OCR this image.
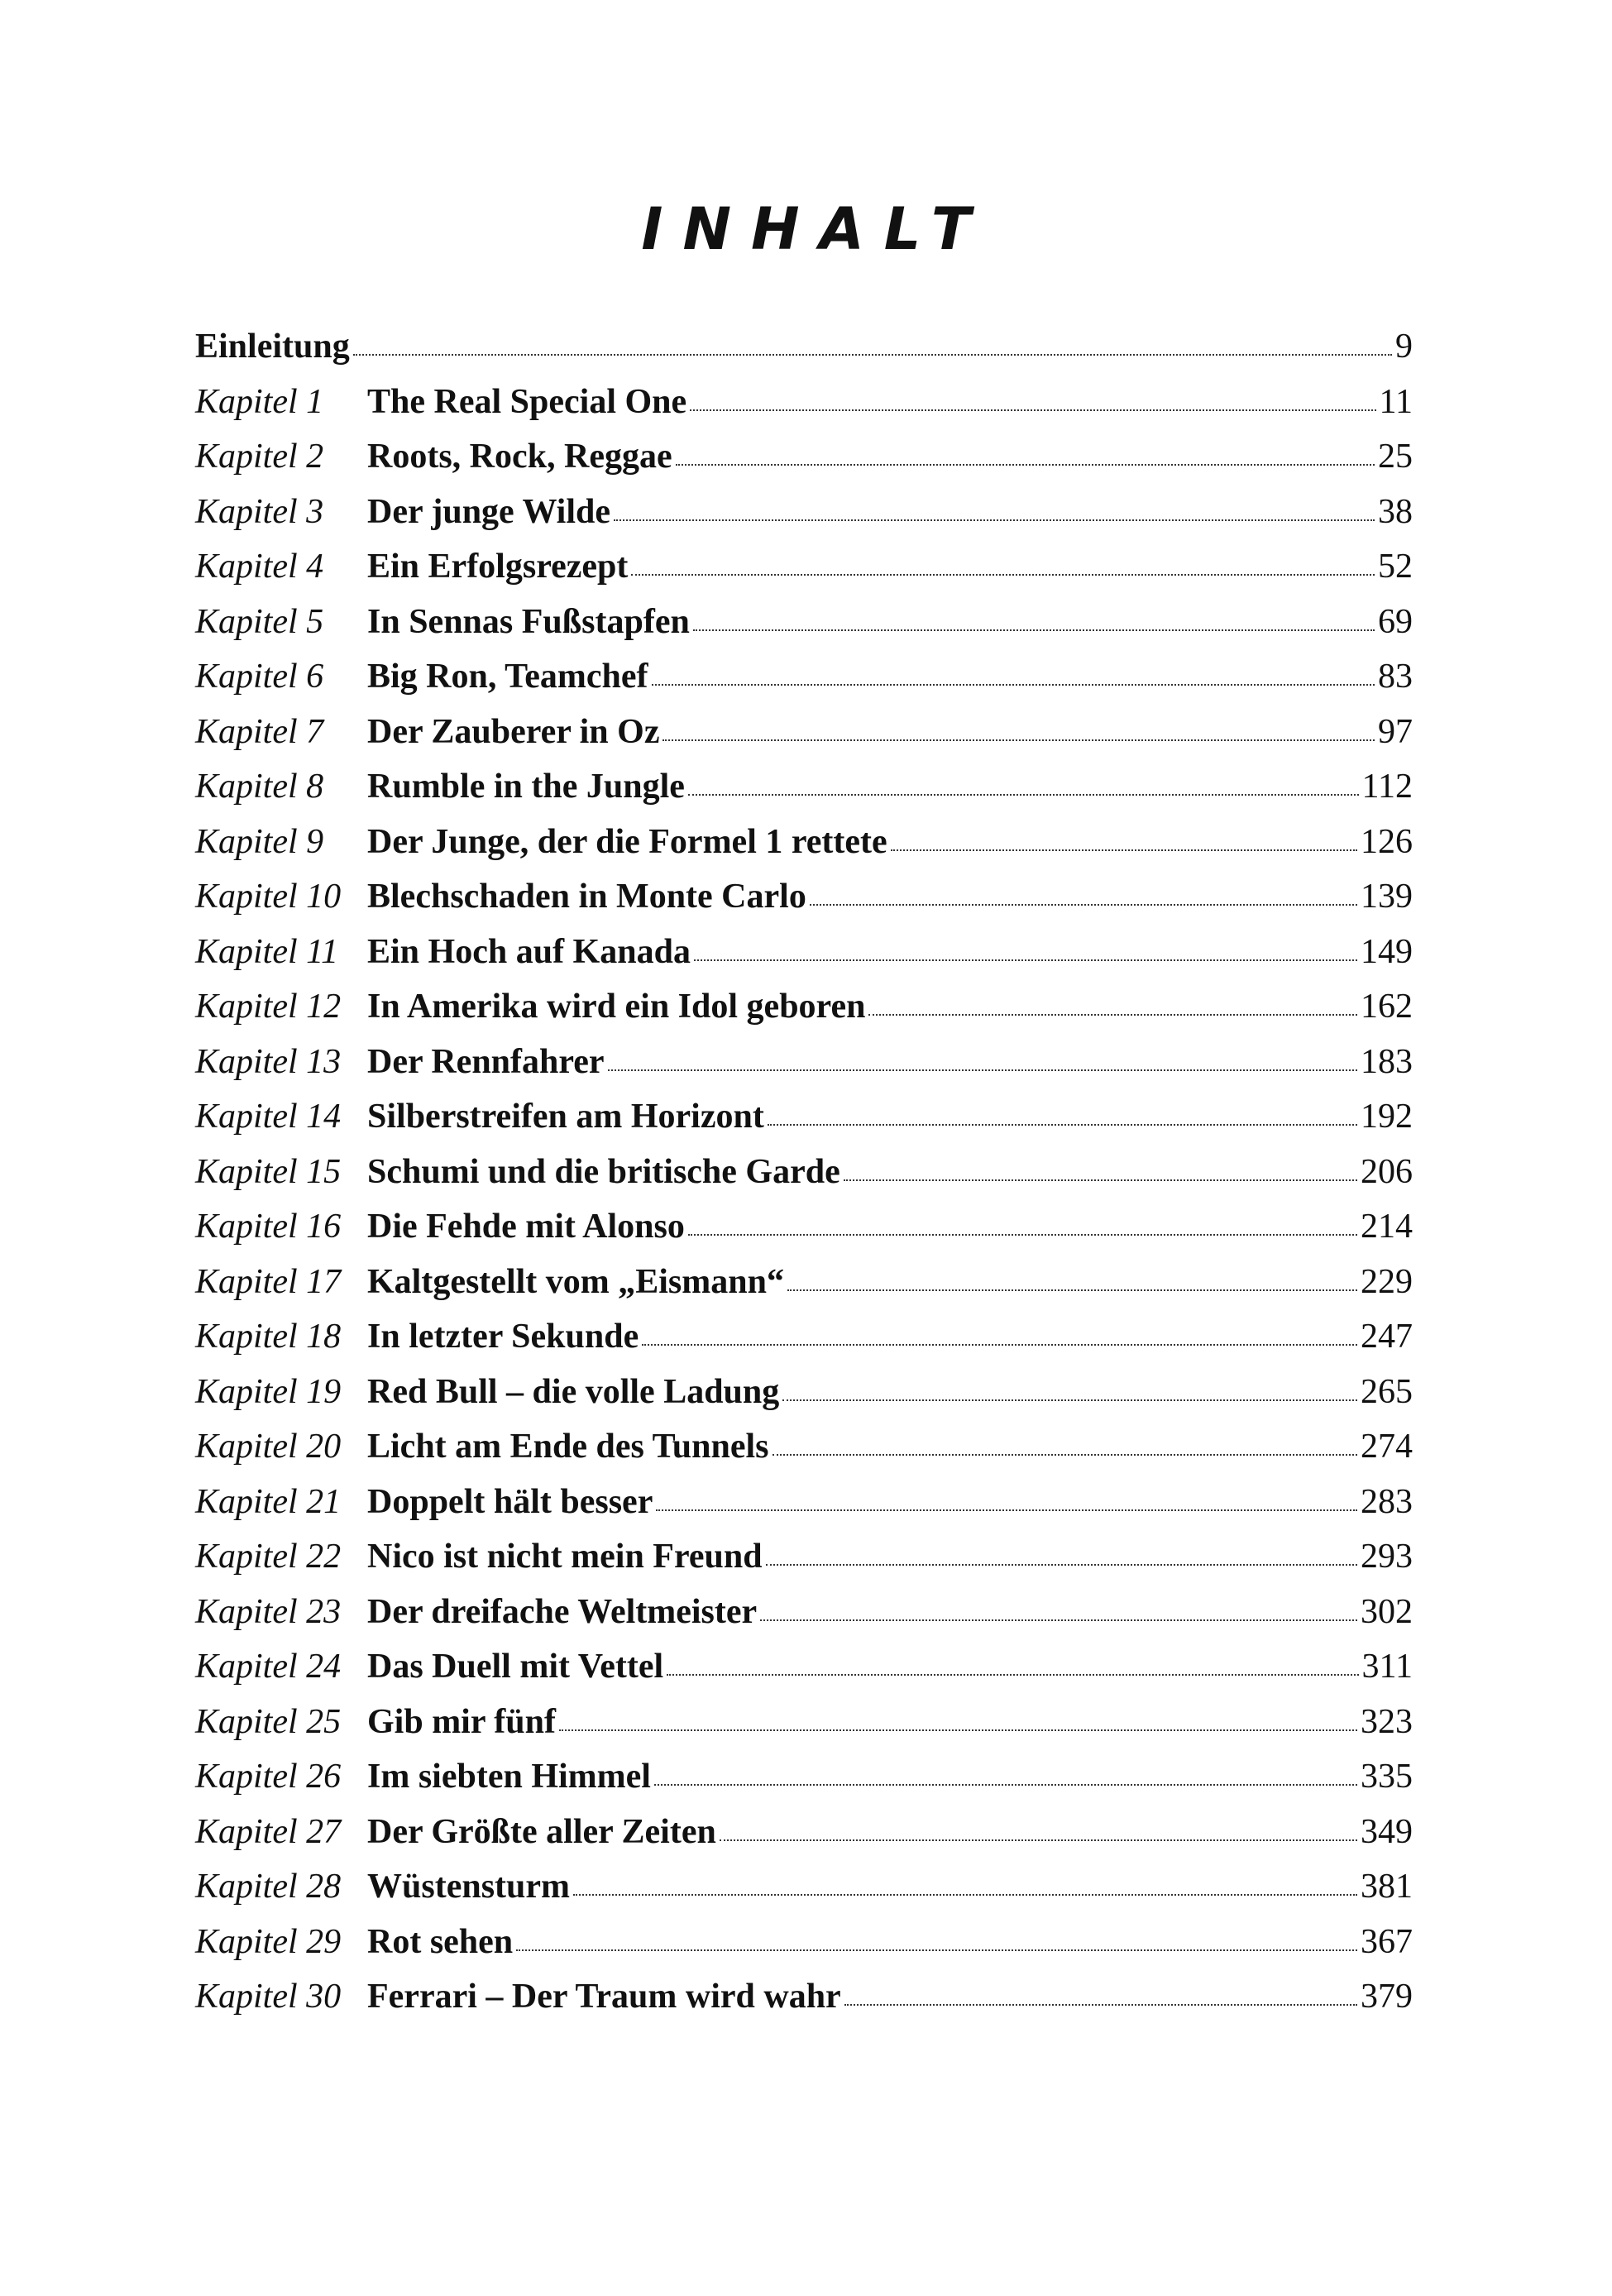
INHALT
Einleitung	9
Kapitel 1	The Real Special One	11
Kapitel 2	Roots, Rock, Reggae	25
Kapitel 3	Der junge Wilde	38
Kapitel 4	Ein Erfolgsrezept	52
Kapitel 5	In Sennas Fußstapfen	69
Kapitel 6	Big Ron, Teamchef	83
Kapitel 7	Der Zauberer in Oz	97
Kapitel 8	Rumble in the Jungle	112
Kapitel 9	Der Junge, der die Formel 1 rettete	126
Kapitel 10 Blechschaden in Monte Carlo	139
Kapitel 11 Ein Hoch auf Kanada	149
Kapitel 12 In Amerika wird ein Idol geboren	162
Kapitel 13 Der Rennfahrer	183
Kapitel 14 Silberstreifen am Horizont	192
Kapitel 15 Schumi und die britische Garde	206
Kapitel 16 Die Fehde mit Alonso	214
Kapitel 17 Kaltgestellt vom „Eismann“	229
Kapitel 18 In letzter Sekunde	247
Kapitel 19 Red Bull – die volle Ladung	265
Kapitel 20 Licht am Ende des Tunnels	274
Kapitel 21 Doppelt hält besser	283
Kapitel 22 Nico ist nicht mein Freund	293
Kapitel 23 Der dreifache Weltmeister	302
Kapitel 24 Das Duell mit Vettel	311
Kapitel 25 Gib mir fünf	323
Kapitel 26 Im siebten Himmel	335
Kapitel 27 Der Größte aller Zeiten	349
Kapitel 28 Wüstensturm	381
Kapitel 29 Rot sehen	367
Kapitel 30 Ferrari – Der Traum wird wahr	379
